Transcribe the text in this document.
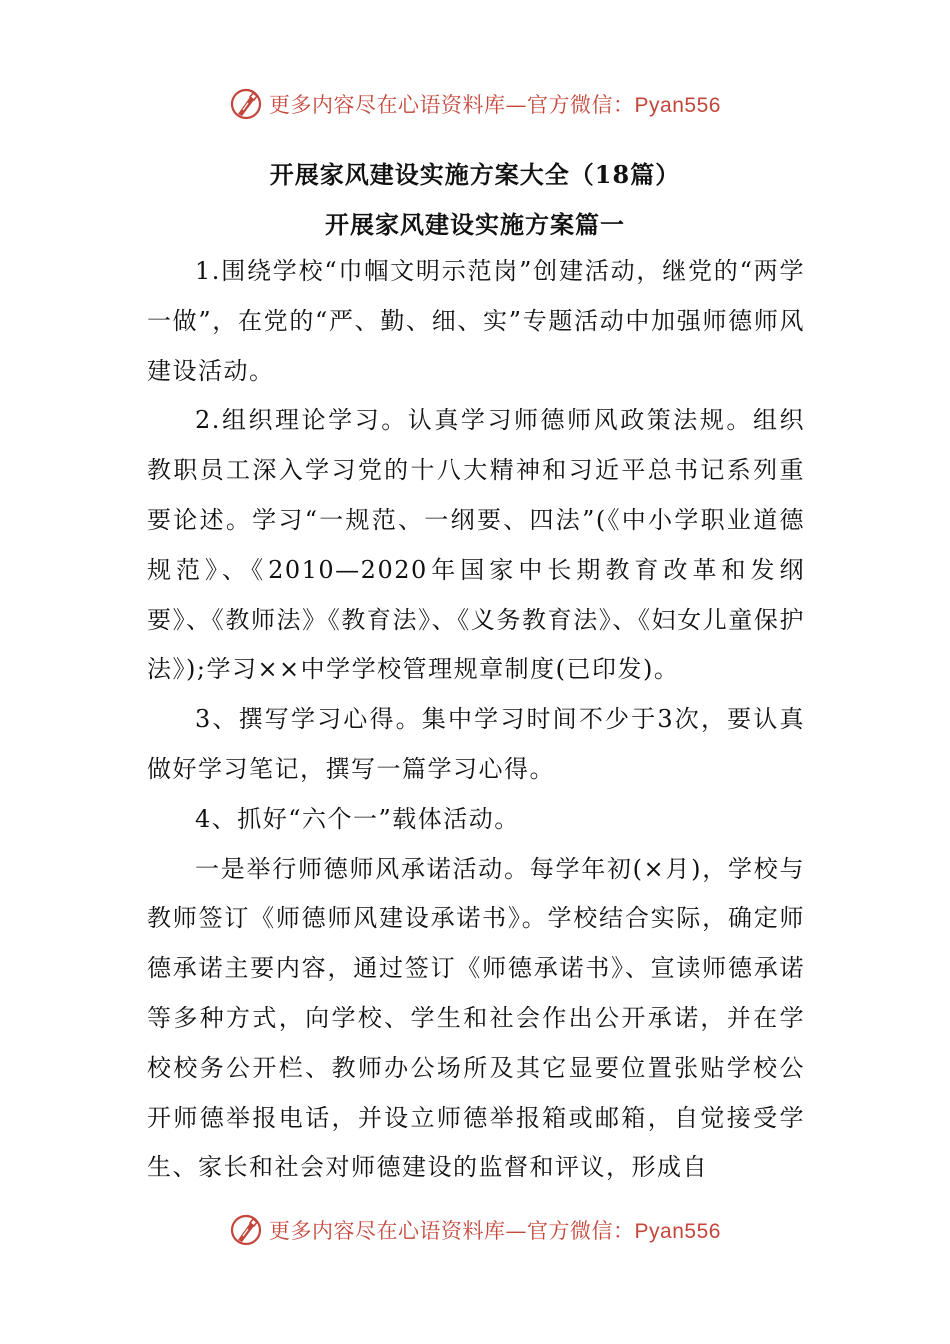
更多内容尽在心语资料库—官方微信：Pyan556
开展家风建设实施方案大全（18篇）
开展家风建设实施方案篇一

1.围绕学校“巾帼文明示范岗”创建活动，继党的“两学一做”，在党的“严、勤、细、实”专题活动中加强师德师风建设活动。

2.组织理论学习。认真学习师德师风政策法规。组织教职员工深入学习党的十八大精神和习近平总书记系列重要论述。学习“一规范、一纲要、四法”(《中小学职业道德规范》、《2010—2020年国家中长期教育改革和发纲要》、《教师法》《教育法》、《义务教育法》、《妇女儿童保护法》);学习××中学学校管理规章制度(已印发)。

3、撰写学习心得。集中学习时间不少于3次，要认真做好学习笔记，撰写一篇学习心得。

4、抓好“六个一”载体活动。

一是举行师德师风承诺活动。每学年初(×月)，学校与教师签订《师德师风建设承诺书》。学校结合实际，确定师德承诺主要内容，通过签订《师德承诺书》、宣读师德承诺等多种方式，向学校、学生和社会作出公开承诺，并在学校校务公开栏、教师办公场所及其它显要位置张贴学校公开师德举报电话，并设立师德举报箱或邮箱，自觉接受学生、家长和社会对师德建设的监督和评议，形成自

更多内容尽在心语资料库—官方微信：Pyan556
